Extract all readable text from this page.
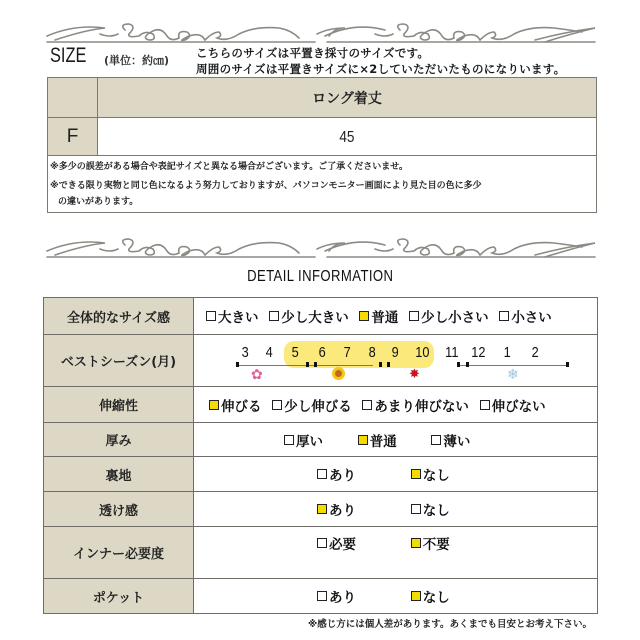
SIZE (単位：約㎝)
こちらのサイズは平置き採寸のサイズです。
周囲のサイズは平置きサイズに×2していただいたものになりいます。
	ロング着丈
F	45

※多少の誤差がある場合や表記サイズと異なる場合がございます。ご了承くださいませ。
※できる限り実物と同じ色になるよう努力しておりますが、パソコンモニター画面により見た目の色に多少
の違いがあります。	
DETAIL INFORMATION
全体的なサイズ感	大きい
少し大きい
普通
少し小さい
小さい

ベストシーズン(月)	
3 4 5 6 7 8 9 10 11 12 1 2
✿	✸	❄

伸縮性	伸びる
少し伸びる
あまり伸びない
伸びない

厚み	厚い
普通
薄い

裏地	あり
なし

透け感	あり
なし

インナー必要度	必要
不要

ポケット	あり
なし
※感じ方には個人差があります。あくまでも目安とお考え下さい。
